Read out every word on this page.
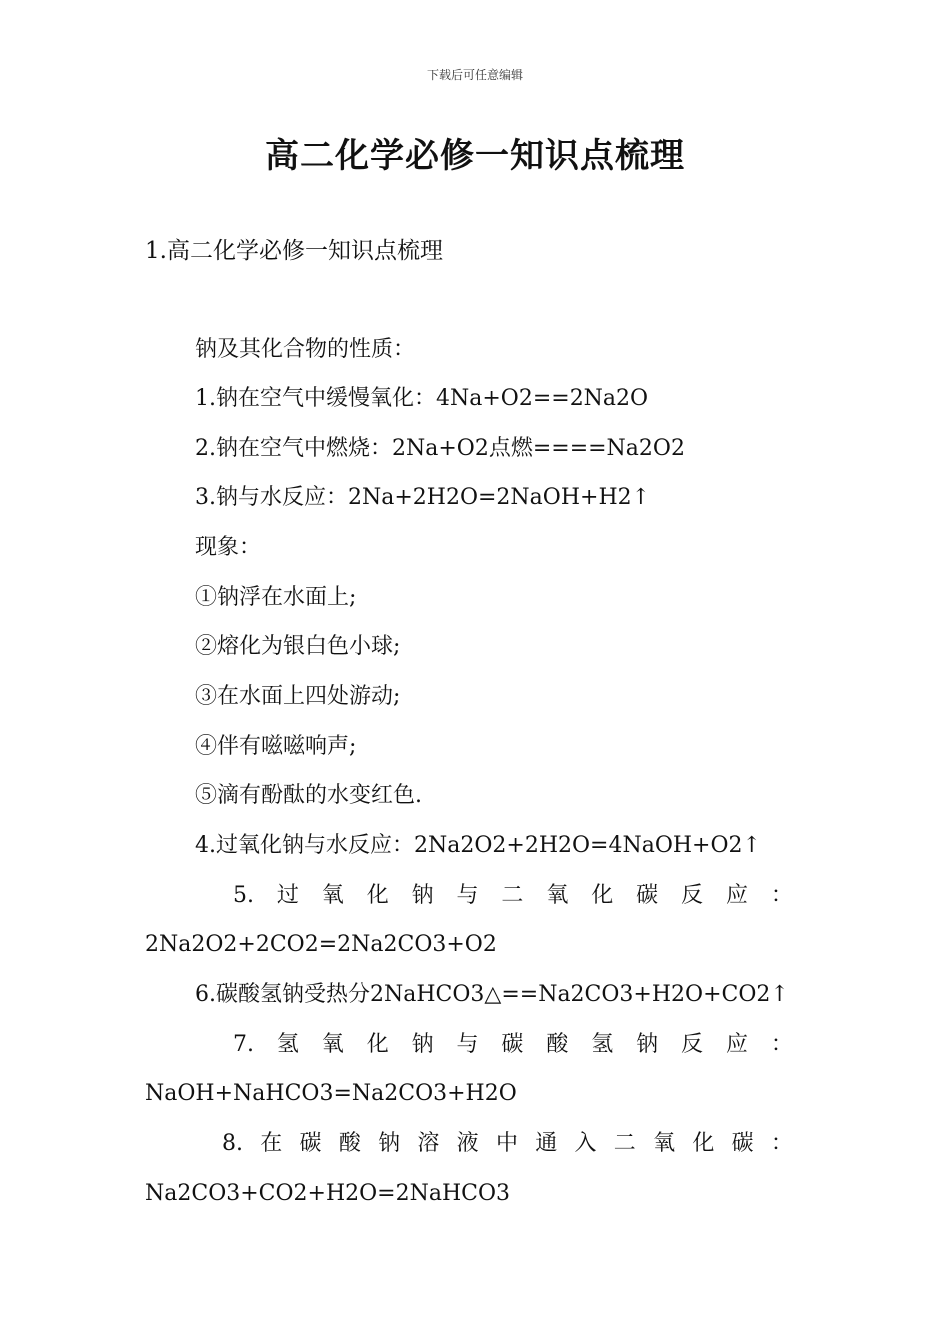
下载后可任意编辑
高二化学必修一知识点梳理
1.高二化学必修一知识点梳理
钠及其化合物的性质：
1.钠在空气中缓慢氧化：4Na+O2==2Na2O
2.钠在空气中燃烧：2Na+O2点燃====Na2O2
3.钠与水反应：2Na+2H2O=2NaOH+H2↑
现象：
①钠浮在水面上;
②熔化为银白色小球;
③在水面上四处游动;
④伴有嗞嗞响声;
⑤滴有酚酞的水变红色.
4.过氧化钠与水反应：2Na2O2+2H2O=4NaOH+O2↑
5. 过 氧 化 钠 与 二 氧 化 碳 反 应 ：
2Na2O2+2CO2=2Na2CO3+O2
6.碳酸氢钠受热分2NaHCO3△==Na2CO3+H2O+CO2↑
7. 氢 氧 化 钠 与 碳 酸 氢 钠 反 应 ：
NaOH+NaHCO3=Na2CO3+H2O
8. 在 碳 酸 钠 溶 液 中 通 入 二 氧 化 碳 ：
Na2CO3+CO2+H2O=2NaHCO3
